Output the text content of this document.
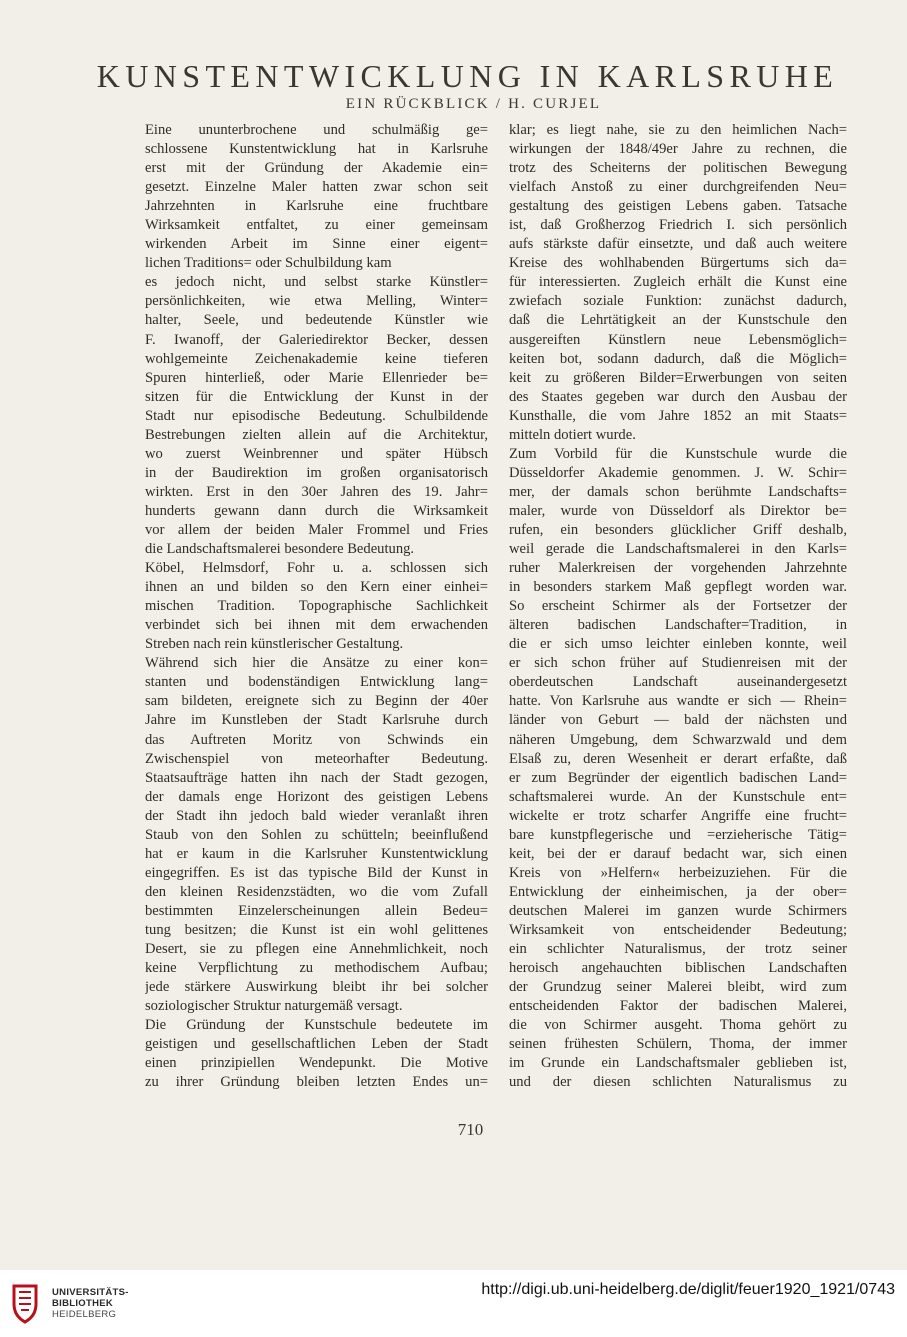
KUNSTENTWICKLUNG IN KARLSRUHE
EIN RÜCKBLICK / H. CURJEL
Eine ununterbrochene und schulmäßig ge=
schlossene Kunstentwicklung hat in Karlsruhe
erst mit der Gründung der Akademie ein=
gesetzt. Einzelne Maler hatten zwar schon seit
Jahrzehnten in Karlsruhe eine fruchtbare
Wirksamkeit entfaltet, zu einer gemeinsam
wirkenden Arbeit im Sinne einer eigent=
lichen Traditions= oder Schulbildung kam
es jedoch nicht, und selbst starke Künstler=
persönlichkeiten, wie etwa Melling, Winter=
halter, Seele, und bedeutende Künstler wie
F. Iwanoff, der Galeriedirektor Becker, dessen
wohlgemeinte Zeichenakademie keine tieferen
Spuren hinterließ, oder Marie Ellenrieder be=
sitzen für die Entwicklung der Kunst in der
Stadt nur episodische Bedeutung. Schulbildende
Bestrebungen zielten allein auf die Architektur,
wo zuerst Weinbrenner und später Hübsch
in der Baudirektion im großen organisatorisch
wirkten. Erst in den 30er Jahren des 19. Jahr=
hunderts gewann dann durch die Wirksamkeit
vor allem der beiden Maler Frommel und Fries
die Landschaftsmalerei besondere Bedeutung.
Köbel, Helmsdorf, Fohr u. a. schlossen sich
ihnen an und bilden so den Kern einer einhei=
mischen Tradition. Topographische Sachlichkeit
verbindet sich bei ihnen mit dem erwachenden
Streben nach rein künstlerischer Gestaltung.
Während sich hier die Ansätze zu einer kon=
stanten und bodenständigen Entwicklung lang=
sam bildeten, ereignete sich zu Beginn der 40er
Jahre im Kunstleben der Stadt Karlsruhe durch
das Auftreten Moritz von Schwinds ein
Zwischenspiel von meteorhafter Bedeutung.
Staatsaufträge hatten ihn nach der Stadt gezogen,
der damals enge Horizont des geistigen Lebens
der Stadt ihn jedoch bald wieder veranlaßt ihren
Staub von den Sohlen zu schütteln; beeinflußend
hat er kaum in die Karlsruher Kunstentwicklung
eingegriffen. Es ist das typische Bild der Kunst in
den kleinen Residenzstädten, wo die vom Zufall
bestimmten Einzelerscheinungen allein Bedeu=
tung besitzen; die Kunst ist ein wohl gelittenes
Desert, sie zu pflegen eine Annehmlichkeit, noch
keine Verpflichtung zu methodischem Aufbau;
jede stärkere Auswirkung bleibt ihr bei solcher
soziologischer Struktur naturgemäß versagt.
Die Gründung der Kunstschule bedeutete im
geistigen und gesellschaftlichen Leben der Stadt
einen prinzipiellen Wendepunkt. Die Motive
zu ihrer Gründung bleiben letzten Endes un=
klar; es liegt nahe, sie zu den heimlichen Nach=
wirkungen der 1848/49er Jahre zu rechnen, die
trotz des Scheiterns der politischen Bewegung
vielfach Anstoß zu einer durchgreifenden Neu=
gestaltung des geistigen Lebens gaben. Tatsache
ist, daß Großherzog Friedrich I. sich persönlich
aufs stärkste dafür einsetzte, und daß auch weitere
Kreise des wohlhabenden Bürgertums sich da=
für interessierten. Zugleich erhält die Kunst eine
zwiefach soziale Funktion: zunächst dadurch,
daß die Lehrtätigkeit an der Kunstschule den
ausgereiften Künstlern neue Lebensmöglich=
keiten bot, sodann dadurch, daß die Möglich=
keit zu größeren Bilder=Erwerbungen von seiten
des Staates gegeben war durch den Ausbau der
Kunsthalle, die vom Jahre 1852 an mit Staats=
mitteln dotiert wurde.
Zum Vorbild für die Kunstschule wurde die
Düsseldorfer Akademie genommen. J. W. Schir=
mer, der damals schon berühmte Landschafts=
maler, wurde von Düsseldorf als Direktor be=
rufen, ein besonders glücklicher Griff deshalb,
weil gerade die Landschaftsmalerei in den Karls=
ruher Malerkreisen der vorgehenden Jahrzehnte
in besonders starkem Maß gepflegt worden war.
So erscheint Schirmer als der Fortsetzer der
älteren badischen Landschafter=Tradition, in
die er sich umso leichter einleben konnte, weil
er sich schon früher auf Studienreisen mit der
oberdeutschen Landschaft auseinandergesetzt
hatte. Von Karlsruhe aus wandte er sich — Rhein=
länder von Geburt — bald der nächsten und
näheren Umgebung, dem Schwarzwald und dem
Elsaß zu, deren Wesenheit er derart erfaßte, daß
er zum Begründer der eigentlich badischen Land=
schaftsmalerei wurde. An der Kunstschule ent=
wickelte er trotz scharfer Angriffe eine frucht=
bare kunstpflegerische und =erzieherische Tätig=
keit, bei der er darauf bedacht war, sich einen
Kreis von »Helfern« herbeizuziehen. Für die
Entwicklung der einheimischen, ja der ober=
deutschen Malerei im ganzen wurde Schirmers
Wirksamkeit von entscheidender Bedeutung;
ein schlichter Naturalismus, der trotz seiner
heroisch angehauchten biblischen Landschaften
der Grundzug seiner Malerei bleibt, wird zum
entscheidenden Faktor der badischen Malerei,
die von Schirmer ausgeht. Thoma gehört zu
seinen frühesten Schülern, Thoma, der immer
im Grunde ein Landschaftsmaler geblieben ist,
und der diesen schlichten Naturalismus zu
710
UNIVERSITÄTS-
BIBLIOTHEK
HEIDELBERG
http://digi.ub.uni-heidelberg.de/diglit/feuer1920_1921/0743
